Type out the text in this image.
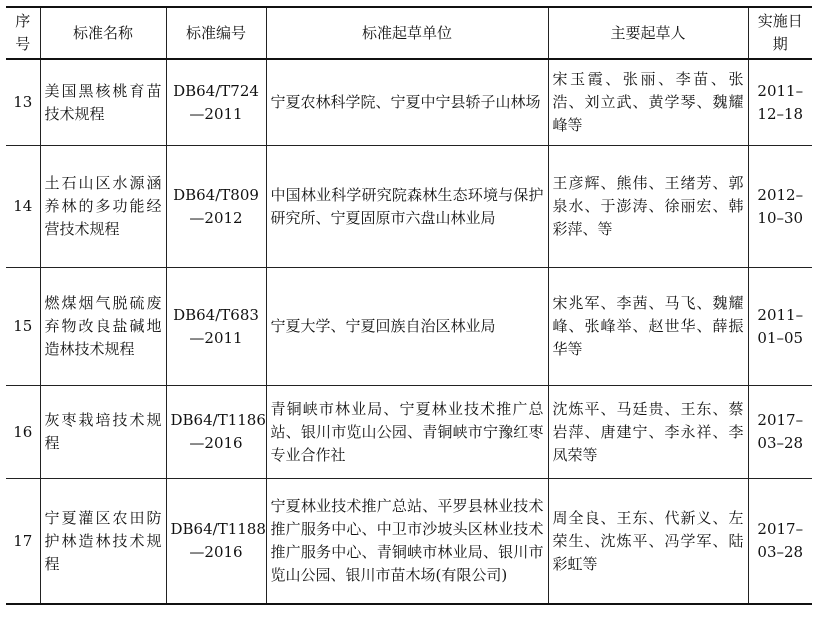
序号	标准名称	标准编号	标准起草单位	主要起草人	实施日期
13	美国黑核桃育苗技术规程	DB64/T724—2011	宁夏农林科学院、宁夏中宁县轿子山林场	宋玉霞、张丽、李苗、张浩、刘立武、黄学琴、魏耀峰等	2011–12–18
14	土石山区水源涵养林的多功能经营技术规程	DB64/T809—2012	中国林业科学研究院森林生态环境与保护研究所、宁夏固原市六盘山林业局	王彦辉、熊伟、王绪芳、郭泉水、于澎涛、徐丽宏、韩彩萍、等	2012–10–30
15	燃煤烟气脱硫废弃物改良盐碱地造林技术规程	DB64/T683—2011	宁夏大学、宁夏回族自治区林业局	宋兆军、李茜、马飞、魏耀峰、张峰举、赵世华、薛振华等	2011–01–05
16	灰枣栽培技术规程	DB64/T1186—2016	青铜峡市林业局、宁夏林业技术推广总站、银川市览山公园、青铜峡市宁豫红枣专业合作社	沈炼平、马廷贵、王东、蔡岩萍、唐建宁、李永祥、李凤荣等	2017–03–28
17	宁夏灌区农田防护林造林技术规程	DB64/T1188—2016	宁夏林业技术推广总站、平罗县林业技术推广服务中心、中卫市沙坡头区林业技术推广服务中心、青铜峡市林业局、银川市览山公园、银川市苗木场(有限公司)	周全良、王东、代新义、左荣生、沈炼平、冯学军、陆彩虹等	2017–03–28
